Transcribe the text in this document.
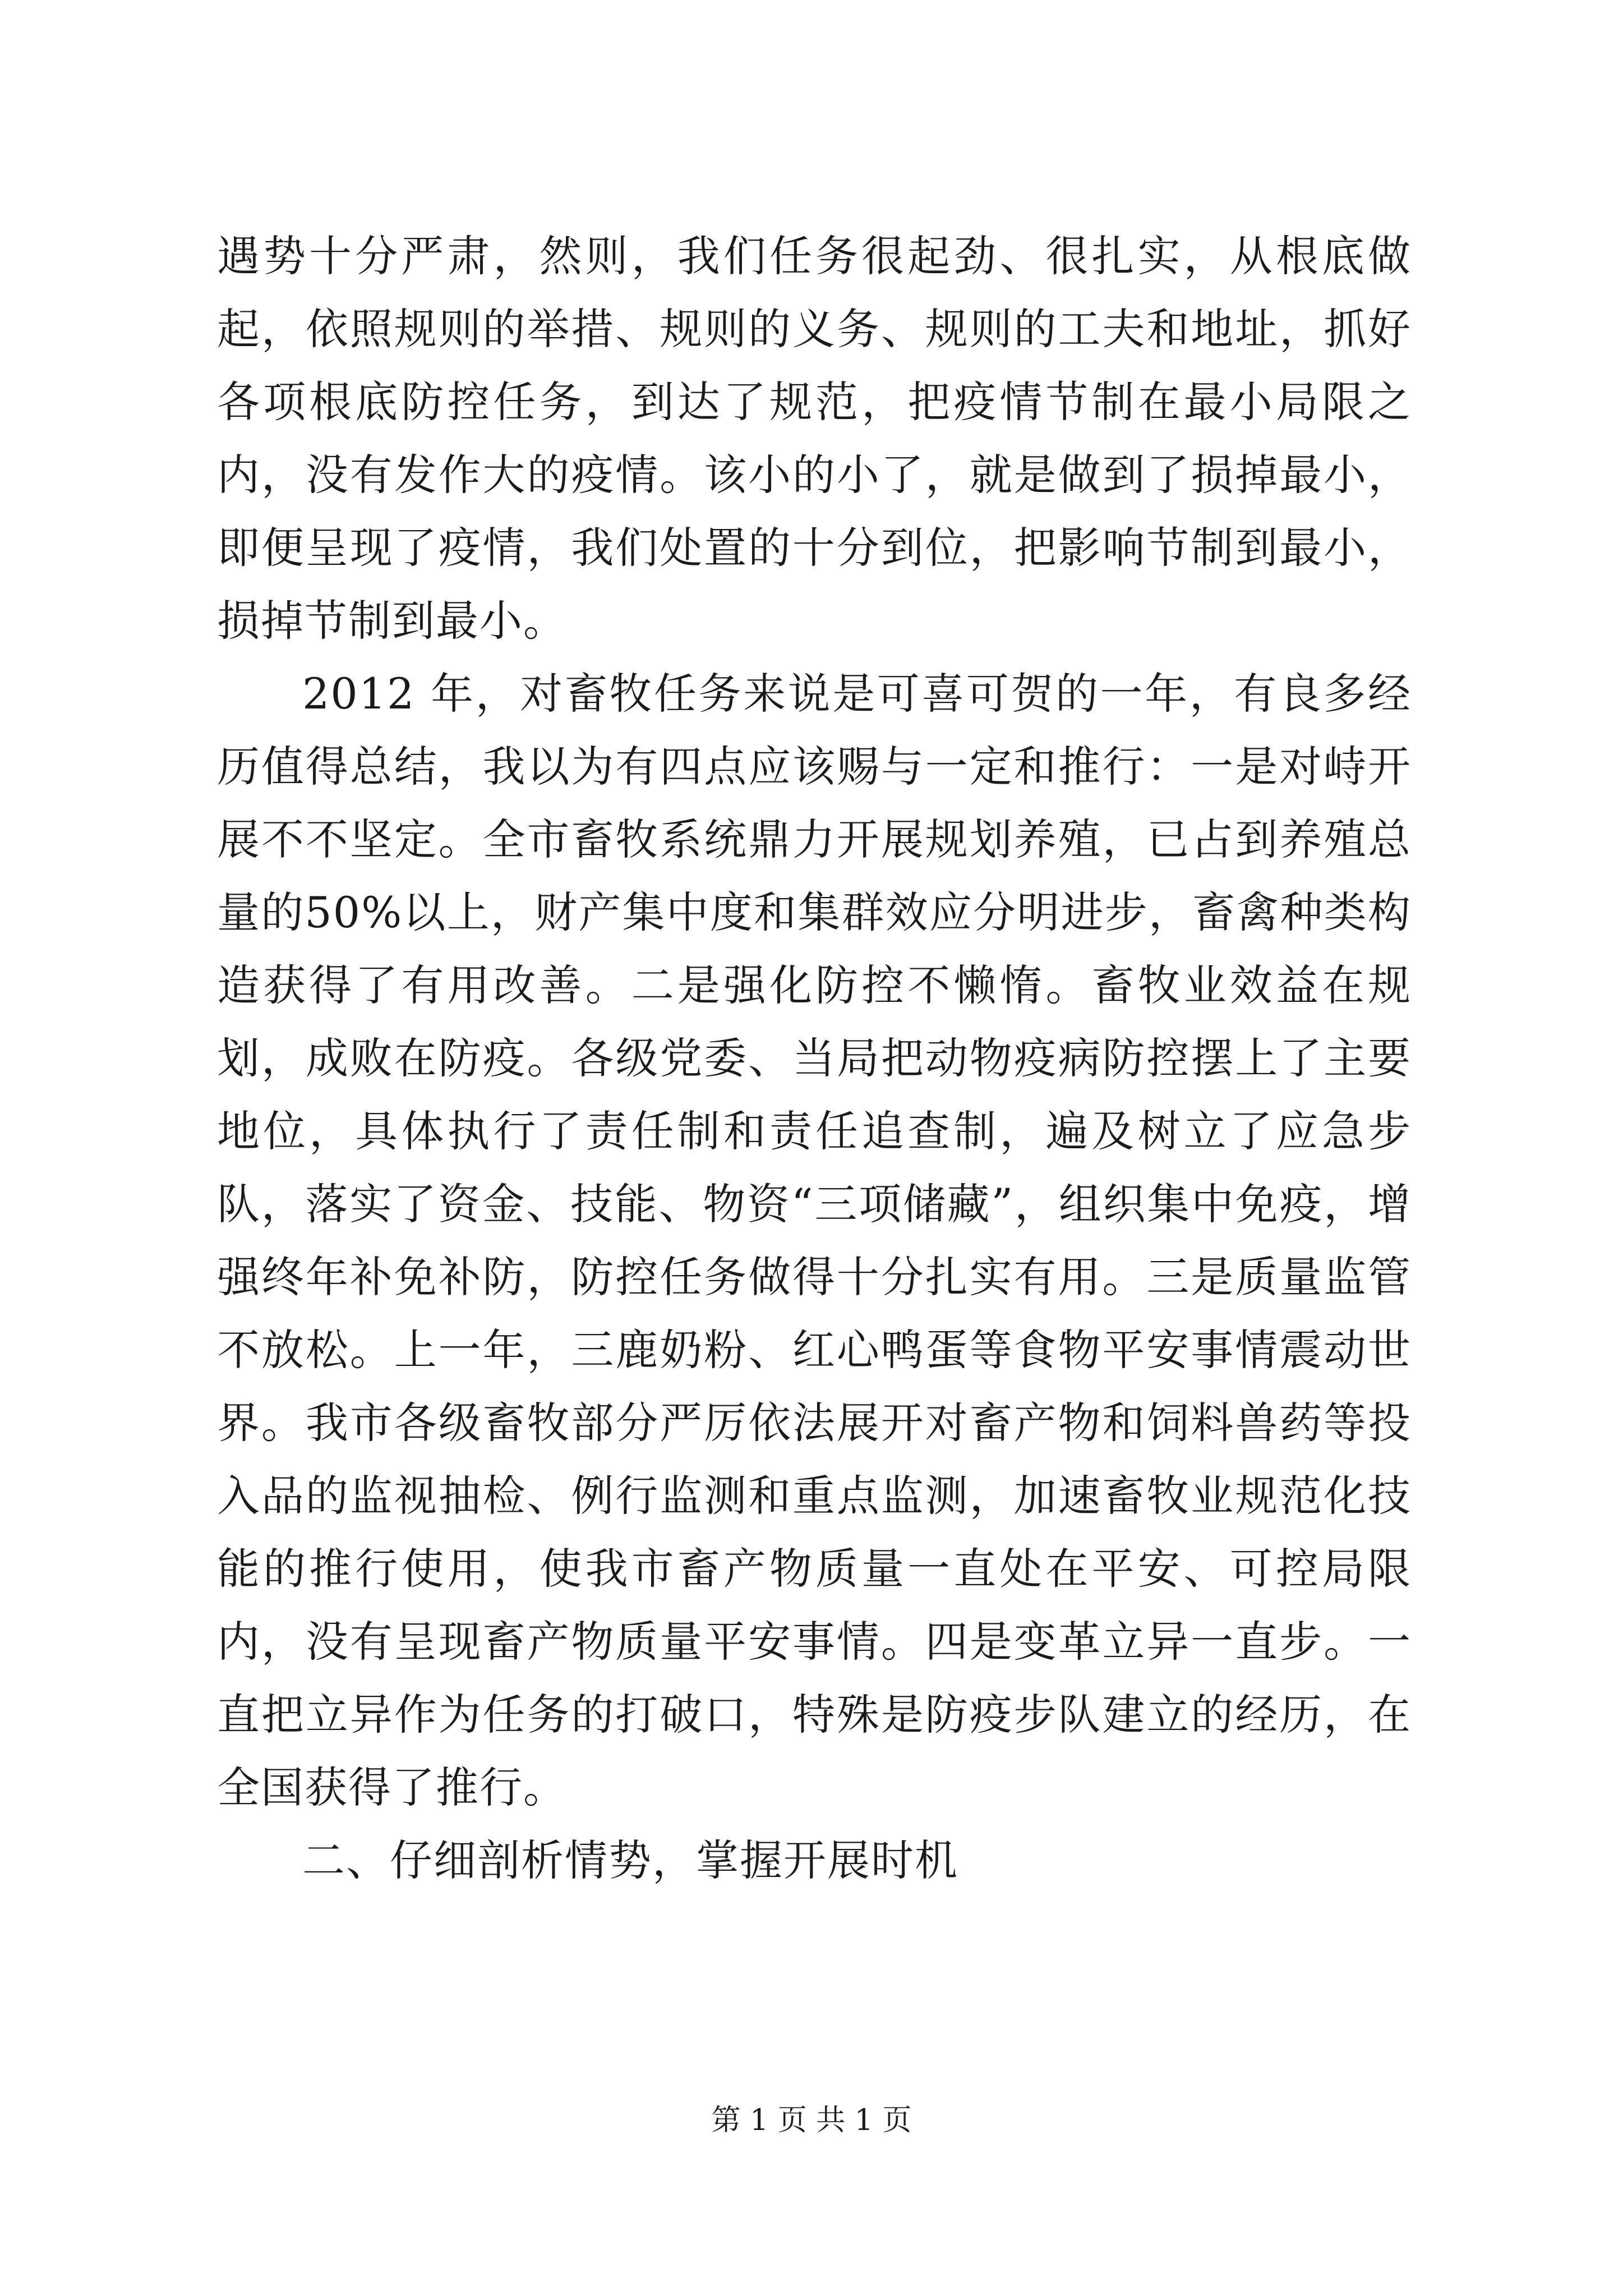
遇势十分严肃，然则，我们任务很起劲、很扎实，从根底做起，依照规则的举措、规则的义务、规则的工夫和地址，抓好各项根底防控任务，到达了规范，把疫情节制在最小局限之内，没有发作大的疫情。该小的小了，就是做到了损掉最小，即便呈现了疫情，我们处置的十分到位，把影响节制到最小，损掉节制到最小。

2012 年，对畜牧任务来说是可喜可贺的一年，有良多经历值得总结，我以为有四点应该赐与一定和推行：一是对峙开展不不坚定。全市畜牧系统鼎力开展规划养殖，已占到养殖总量的50%以上，财产集中度和集群效应分明进步，畜禽种类构造获得了有用改善。二是强化防控不懒惰。畜牧业效益在规划，成败在防疫。各级党委、当局把动物疫病防控摆上了主要地位，具体执行了责任制和责任追查制，遍及树立了应急步队，落实了资金、技能、物资“三项储藏”，组织集中免疫，增强终年补免补防，防控任务做得十分扎实有用。三是质量监管不放松。上一年，三鹿奶粉、红心鸭蛋等食物平安事情震动世界。我市各级畜牧部分严厉依法展开对畜产物和饲料兽药等投入品的监视抽检、例行监测和重点监测，加速畜牧业规范化技能的推行使用，使我市畜产物质量一直处在平安、可控局限内，没有呈现畜产物质量平安事情。四是变革立异一直步。一直把立异作为任务的打破口，特殊是防疫步队建立的经历，在全国获得了推行。

二、仔细剖析情势，掌握开展时机

第 1 页 共 1 页
